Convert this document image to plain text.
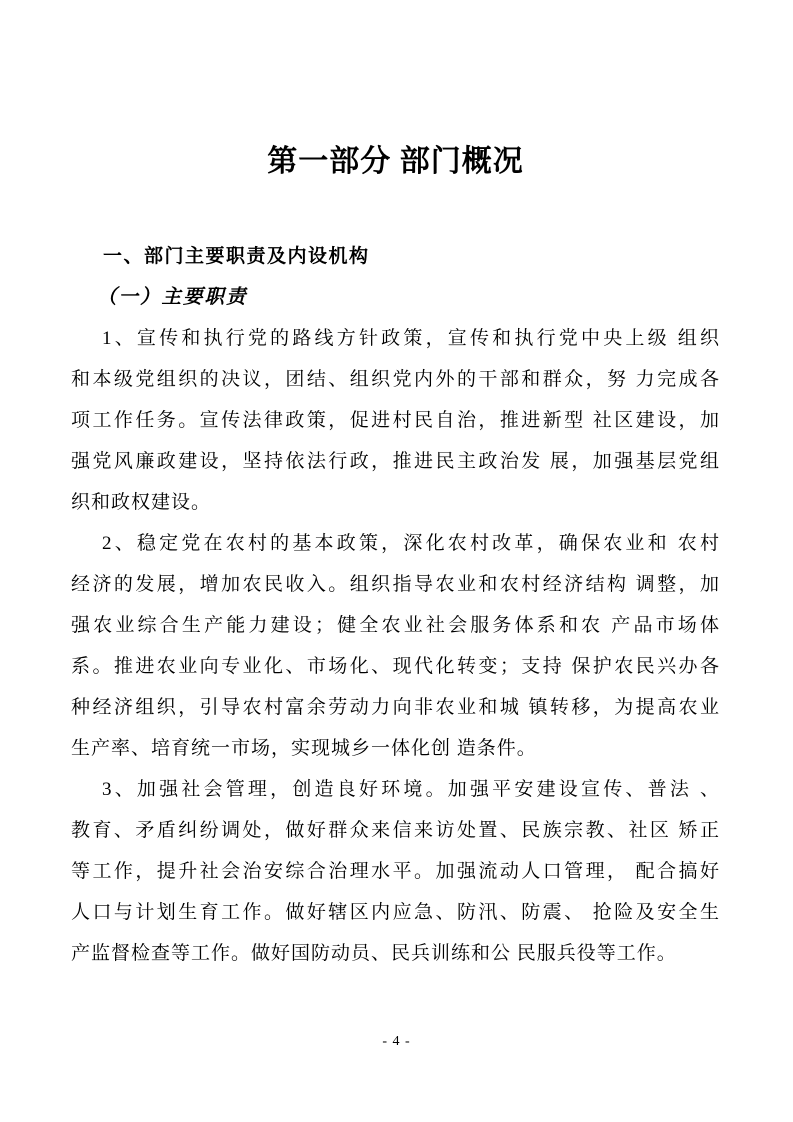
第一部分 部门概况
一、部门主要职责及内设机构
（一）主要职责
1、宣传和执行党的路线方针政策，宣传和执行党中央上级 组织
和本级党组织的决议，团结、组织党内外的干部和群众，努 力完成各
项工作任务。宣传法律政策，促进村民自治，推进新型 社区建设，加
强党风廉政建设，坚持依法行政，推进民主政治发 展，加强基层党组
织和政权建设。
2、稳定党在农村的基本政策，深化农村改革，确保农业和 农村
经济的发展，增加农民收入。组织指导农业和农村经济结构 调整，加
强农业综合生产能力建设；健全农业社会服务体系和农 产品市场体
系。推进农业向专业化、市场化、现代化转变；支持 保护农民兴办各
种经济组织，引导农村富余劳动力向非农业和城 镇转移，为提高农业
生产率、培育统一市场，实现城乡一体化创 造条件。
3、加强社会管理，创造良好环境。加强平安建设宣传、普法 、
教育、矛盾纠纷调处，做好群众来信来访处置、民族宗教、社区 矫正
等工作，提升社会治安综合治理水平。加强流动人口管理， 配合搞好
人口与计划生育工作。做好辖区内应急、防汛、防震、 抢险及安全生
产监督检查等工作。做好国防动员、民兵训练和公 民服兵役等工作。
- 4 -
